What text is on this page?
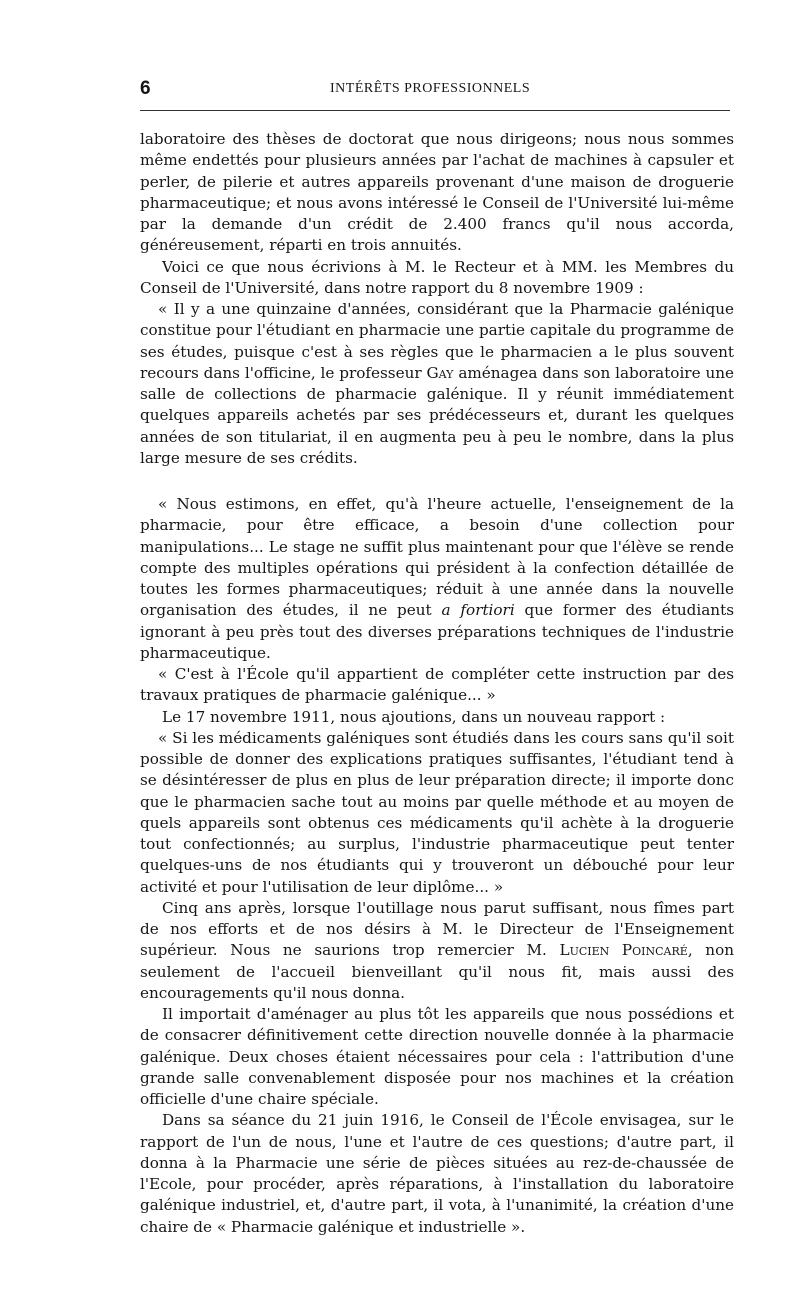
6	INTÉRÊTS PROFESSIONNELS

laboratoire des thèses de doctorat que nous dirigeons; nous nous sommes même endettés pour plusieurs années par l'achat de machines à capsuler et perler, de pilerie et autres appareils provenant d'une maison de droguerie pharmaceutique; et nous avons intéressé le Conseil de l'Université lui-même par la demande d'un crédit de 2.400 francs qu'il nous accorda, généreusement, réparti en trois annuités.

Voici ce que nous écrivions à M. le Recteur et à MM. les Membres du Conseil de l'Université, dans notre rapport du 8 novembre 1909 :

« Il y a une quinzaine d'années, considérant que la Pharmacie galénique constitue pour l'étudiant en pharmacie une partie capitale du programme de ses études, puisque c'est à ses règles que le pharmacien a le plus souvent recours dans l'officine, le professeur Gay aménagea dans son laboratoire une salle de collections de pharmacie galénique. Il y réunit immédiatement quelques appareils achetés par ses prédécesseurs et, durant les quelques années de son titulariat, il en augmenta peu à peu le nombre, dans la plus large mesure de ses crédits.

« Nous estimons, en effet, qu'à l'heure actuelle, l'enseignement de la pharmacie, pour être efficace, a besoin d'une collection pour manipulations... Le stage ne suffit plus maintenant pour que l'élève se rende compte des multiples opérations qui président à la confection détaillée de toutes les formes pharmaceutiques; réduit à une année dans la nouvelle organisation des études, il ne peut a fortiori que former des étudiants ignorant à peu près tout des diverses préparations techniques de l'industrie pharmaceutique.

« C'est à l'École qu'il appartient de compléter cette instruction par des travaux pratiques de pharmacie galénique... »

Le 17 novembre 1911, nous ajoutions, dans un nouveau rapport :

« Si les médicaments galéniques sont étudiés dans les cours sans qu'il soit possible de donner des explications pratiques suffisantes, l'étudiant tend à se désintéresser de plus en plus de leur préparation directe; il importe donc que le pharmacien sache tout au moins par quelle méthode et au moyen de quels appareils sont obtenus ces médicaments qu'il achète à la droguerie tout confectionnés; au surplus, l'industrie pharmaceutique peut tenter quelques-uns de nos étudiants qui y trouveront un débouché pour leur activité et pour l'utilisation de leur diplôme... »

Cinq ans après, lorsque l'outillage nous parut suffisant, nous fîmes part de nos efforts et de nos désirs à M. le Directeur de l'Enseignement supérieur. Nous ne saurions trop remercier M. Lucien Poincaré, non seulement de l'accueil bienveillant qu'il nous fit, mais aussi des encouragements qu'il nous donna.

Il importait d'aménager au plus tôt les appareils que nous possédions et de consacrer définitivement cette direction nouvelle donnée à la pharmacie galénique. Deux choses étaient nécessaires pour cela : l'attribution d'une grande salle convenablement disposée pour nos machines et la création officielle d'une chaire spéciale.

Dans sa séance du 21 juin 1916, le Conseil de l'École envisagea, sur le rapport de l'un de nous, l'une et l'autre de ces questions; d'autre part, il donna à la Pharmacie une série de pièces situées au rez-de-chaussée de l'Ecole, pour procéder, après réparations, à l'installation du laboratoire galénique industriel, et, d'autre part, il vota, à l'unanimité, la création d'une chaire de « Pharmacie galénique et industrielle ».
